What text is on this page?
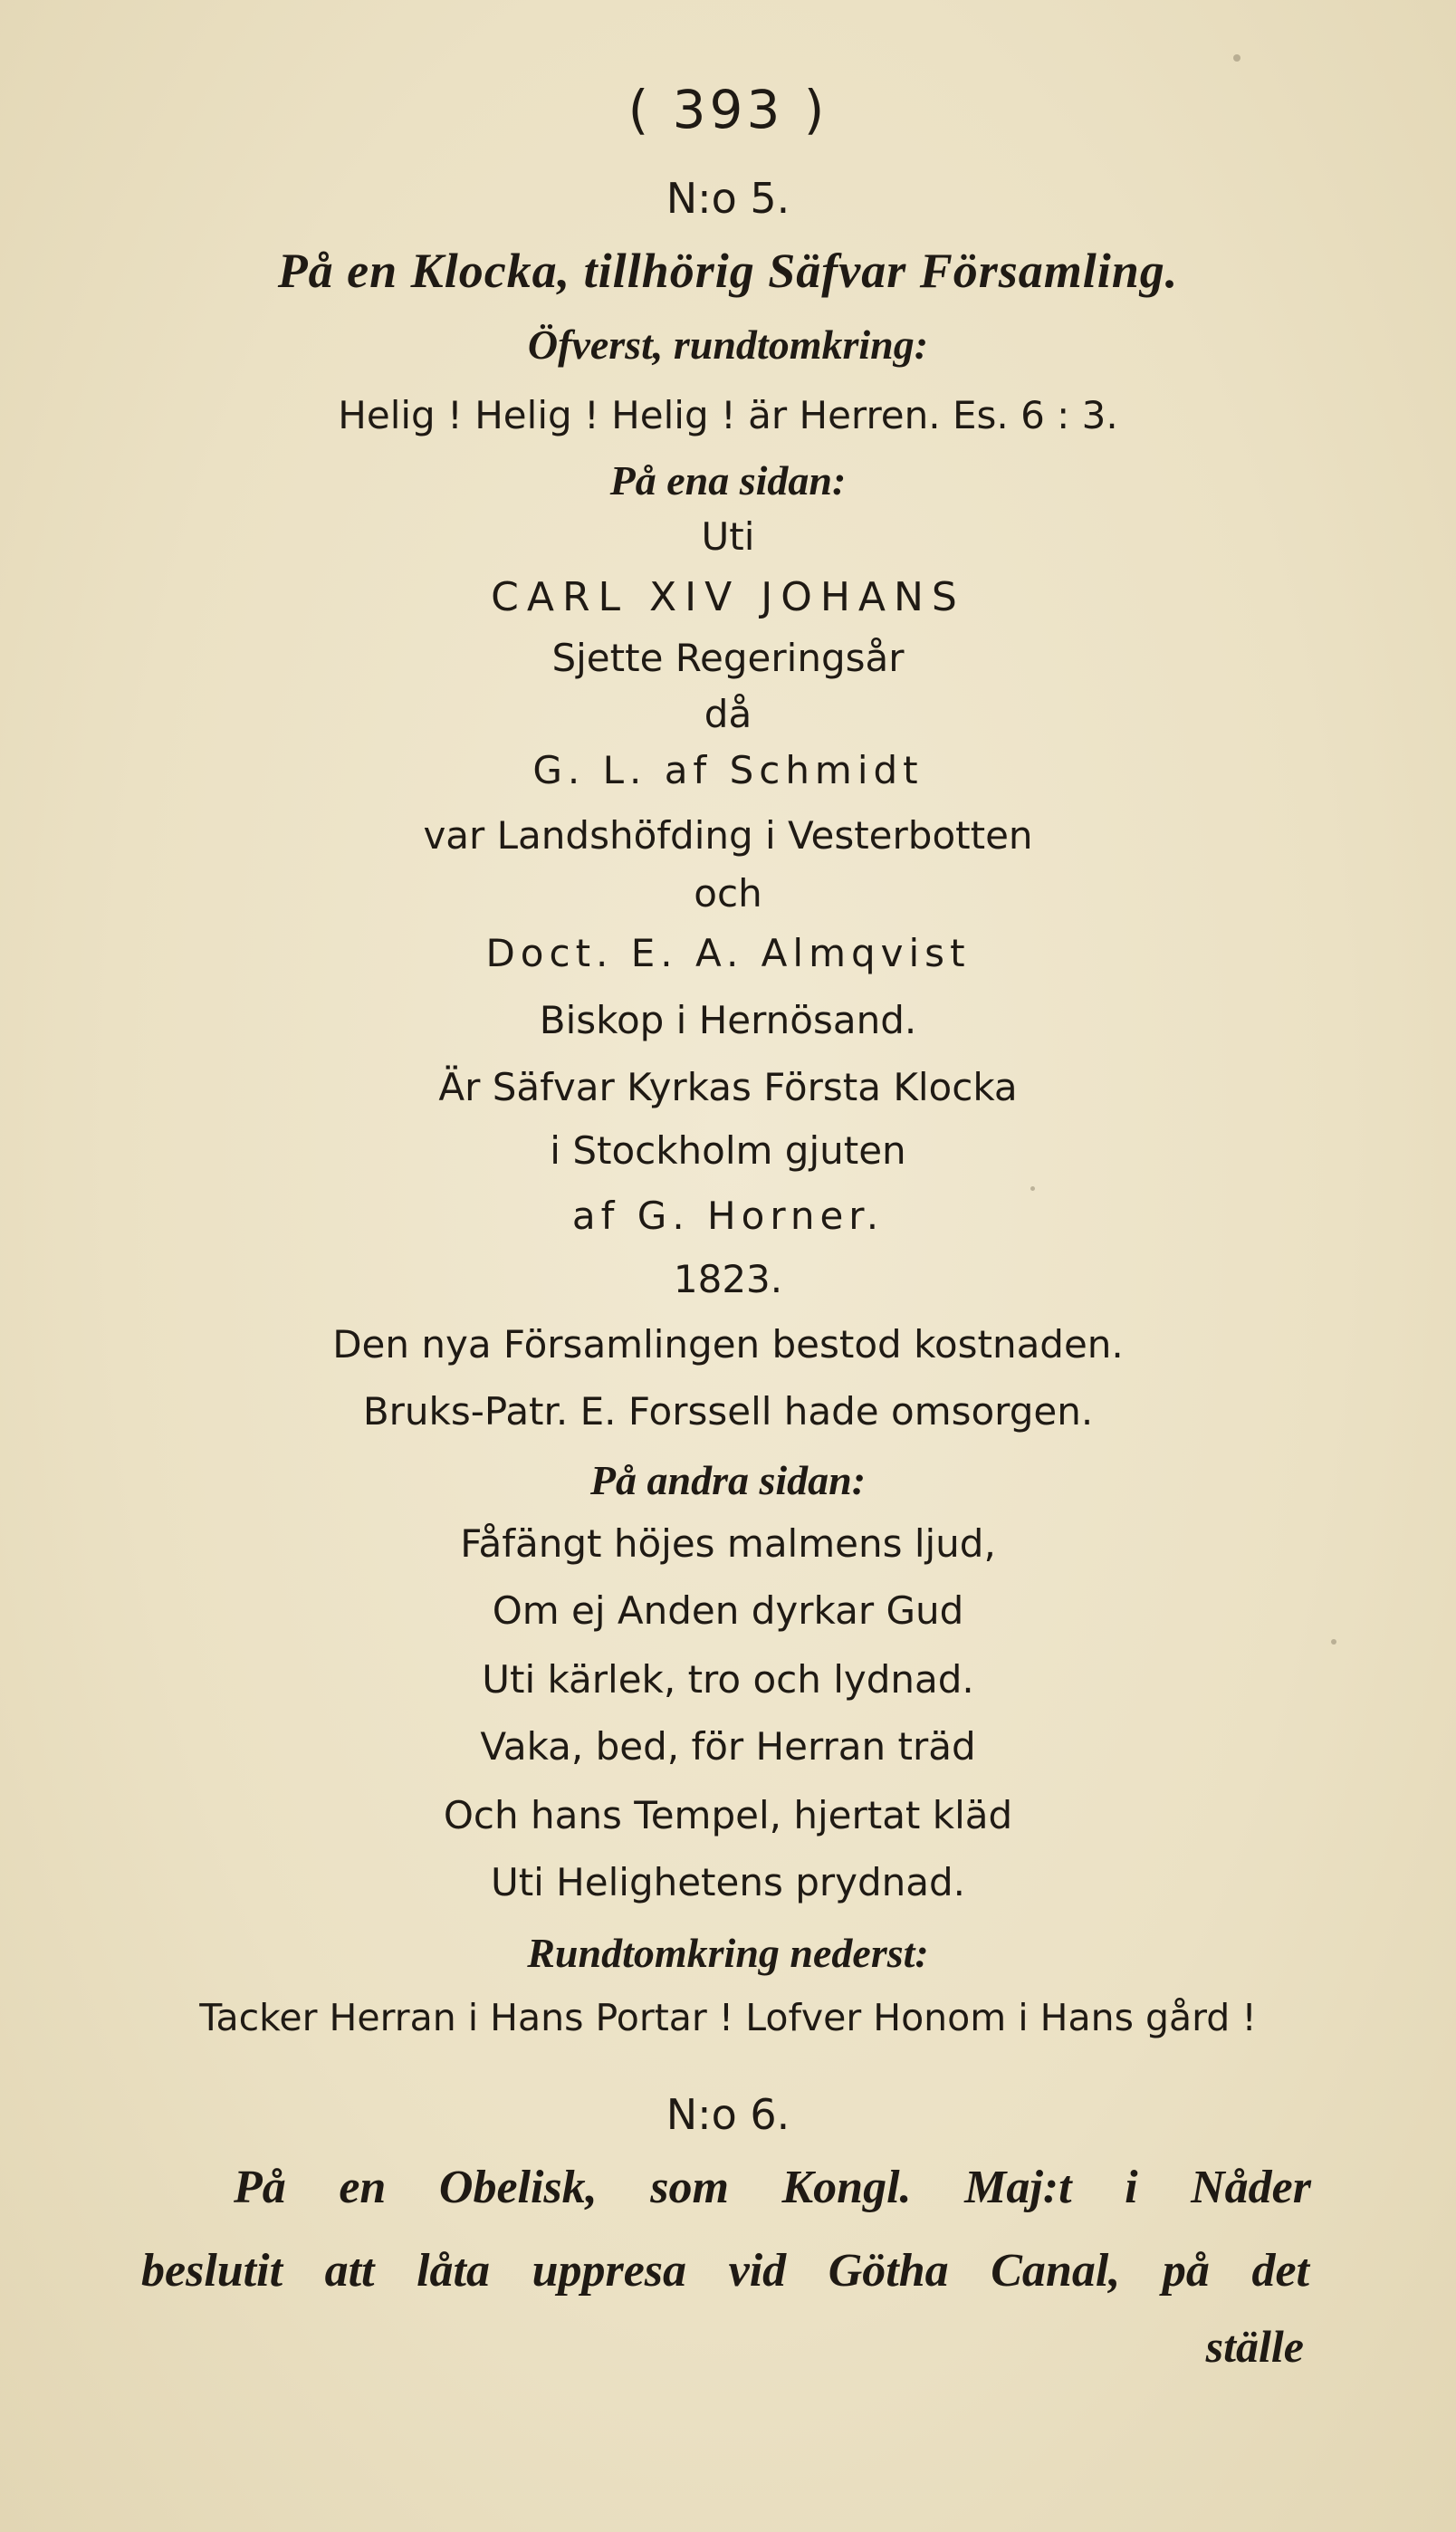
( 393 )
N:o 5.
På en Klocka, tillhörig Säfvar Församling.
Öfverst, rundtomkring:
Helig ! Helig ! Helig ! är Herren. Es. 6 : 3.
På ena sidan:
Uti
CARL XIV JOHANS
Sjette Regeringsår
då
G. L. af Schmidt
var Landshöfding i Vesterbotten
och
Doct. E. A. Almqvist
Biskop i Hernösand.
Är Säfvar Kyrkas Första Klocka
i Stockholm gjuten
af G. Horner.
1823.
Den nya Församlingen bestod kostnaden.
Bruks-Patr. E. Forssell hade omsorgen.
På andra sidan:
Fåfängt höjes malmens ljud,
Om ej Anden dyrkar Gud
Uti kärlek, tro och lydnad.
Vaka, bed, för Herran träd
Och hans Tempel, hjertat kläd
Uti Helighetens prydnad.
Rundtomkring nederst:
Tacker Herran i Hans Portar ! Lofver Honom i Hans gård !
N:o 6.
På en Obelisk, som Kongl. Maj:t i Nåder
beslutit att låta uppresa vid Götha Canal, på det
ställe
